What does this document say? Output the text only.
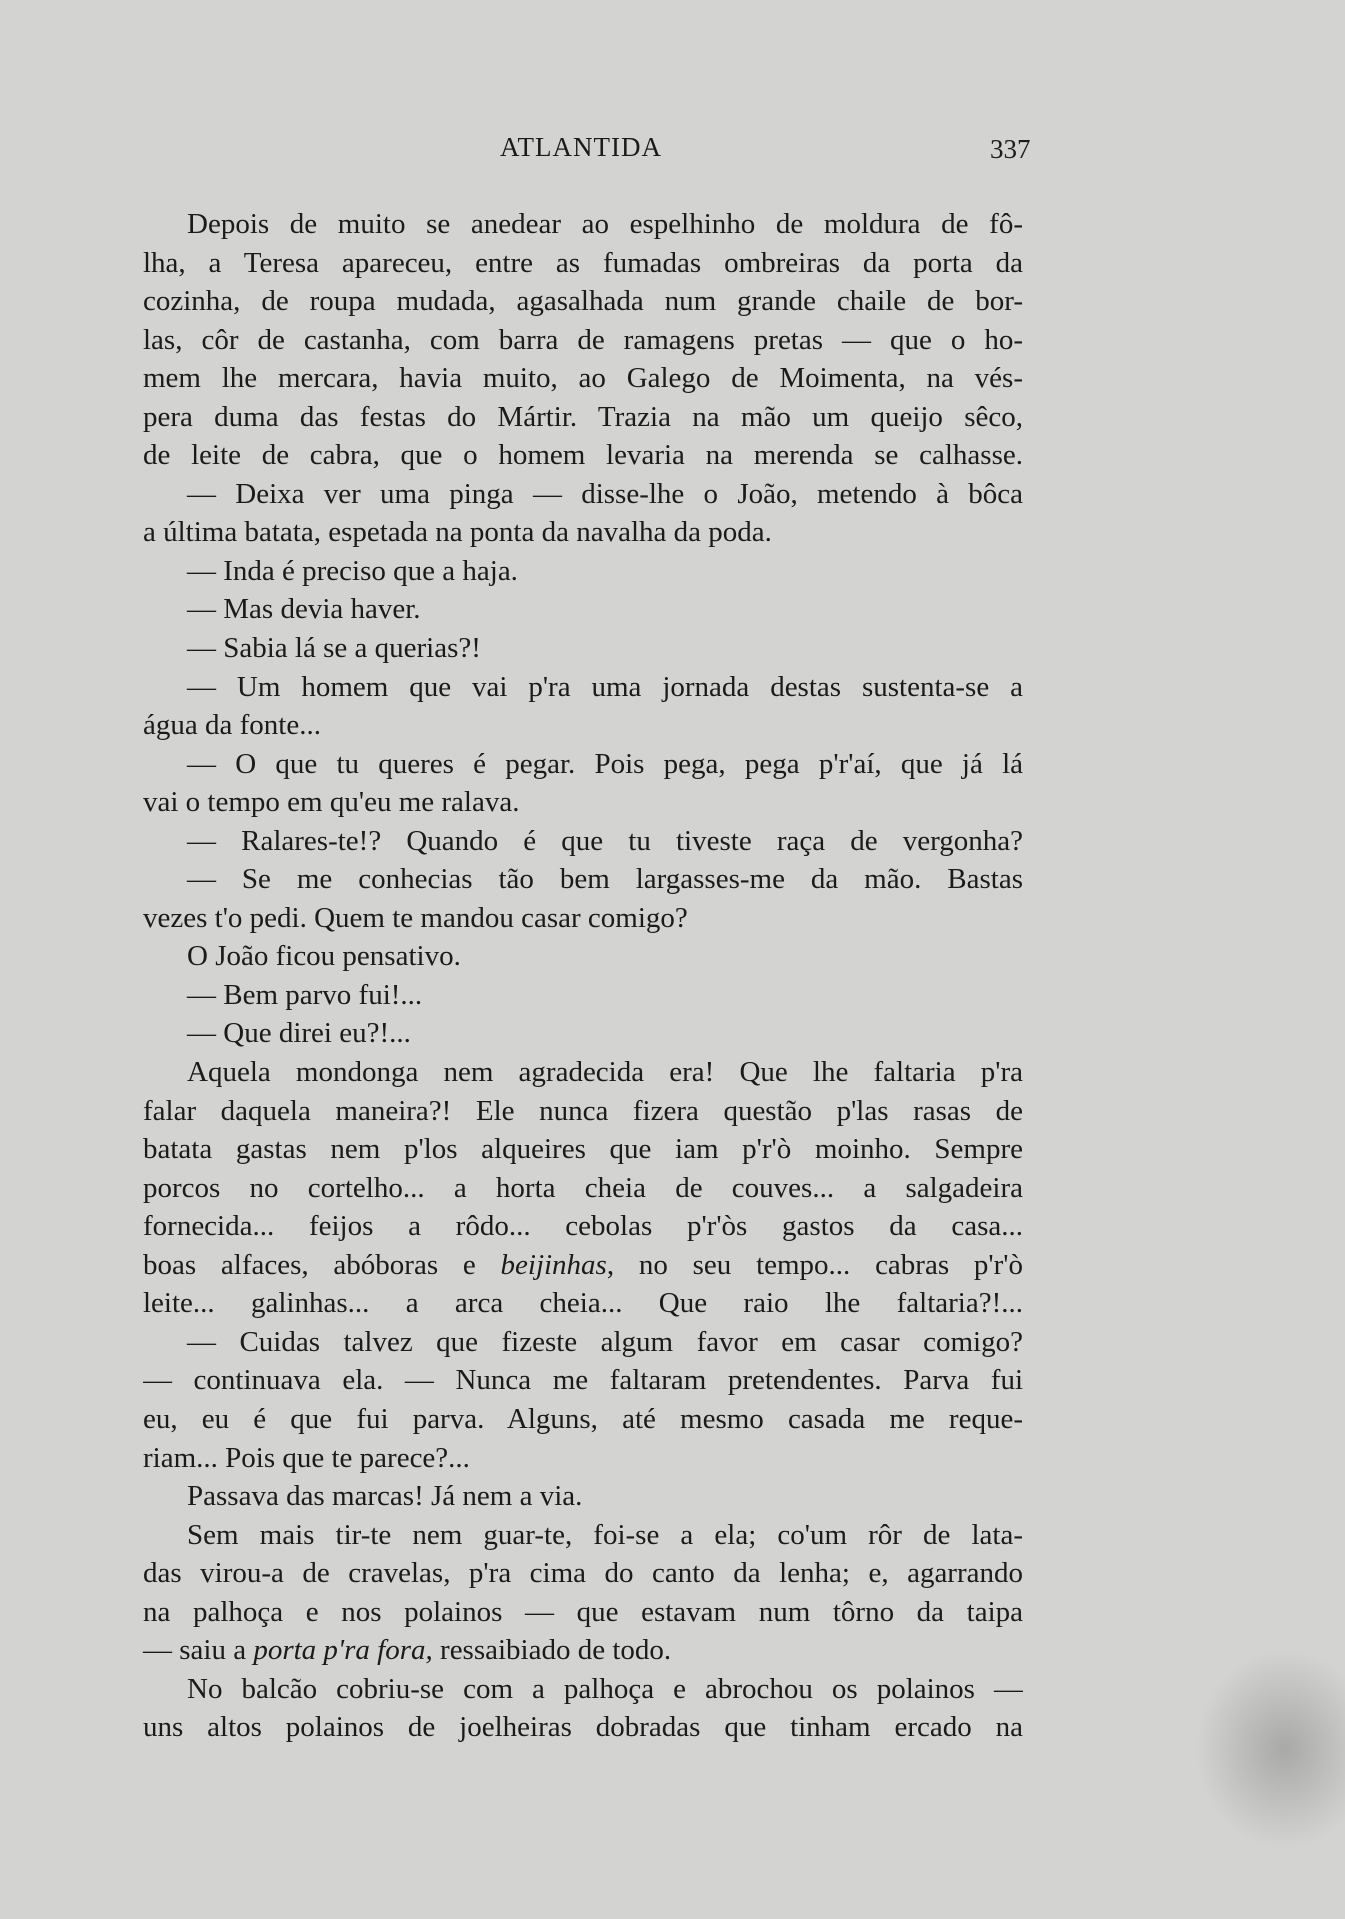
ATLANTIDA	337
Depois de muito se anedear ao espelhinho de moldura de fô-
lha, a Teresa apareceu, entre as fumadas ombreiras da porta da
cozinha, de roupa mudada, agasalhada num grande chaile de bor-
las, côr de castanha, com barra de ramagens pretas — que o ho-
mem lhe mercara, havia muito, ao Galego de Moimenta, na vés-
pera duma das festas do Mártir. Trazia na mão um queijo sêco,
de leite de cabra, que o homem levaria na merenda se calhasse.
— Deixa ver uma pinga — disse-lhe o João, metendo à bôca
a última batata, espetada na ponta da navalha da poda.
— Inda é preciso que a haja.
— Mas devia haver.
— Sabia lá se a querias?!
— Um homem que vai p'ra uma jornada destas sustenta-se a
água da fonte...
— O que tu queres é pegar. Pois pega, pega p'r'aí, que já lá
vai o tempo em qu'eu me ralava.
— Ralares-te!? Quando é que tu tiveste raça de vergonha?
— Se me conhecias tão bem largasses-me da mão. Bastas
vezes t'o pedi. Quem te mandou casar comigo?
O João ficou pensativo.
— Bem parvo fui!...
— Que direi eu?!...
Aquela mondonga nem agradecida era! Que lhe faltaria p'ra
falar daquela maneira?! Ele nunca fizera questão p'las rasas de
batata gastas nem p'los alqueires que iam p'r'ò moinho. Sempre
porcos no cortelho... a horta cheia de couves... a salgadeira
fornecida... feijos a rôdo... cebolas p'r'òs gastos da casa...
boas alfaces, abóboras e beijinhas, no seu tempo... cabras p'r'ò
leite... galinhas... a arca cheia... Que raio lhe faltaria?!...
— Cuidas talvez que fizeste algum favor em casar comigo?
— continuava ela. — Nunca me faltaram pretendentes. Parva fui
eu, eu é que fui parva. Alguns, até mesmo casada me reque-
riam... Pois que te parece?...
Passava das marcas! Já nem a via.
Sem mais tir-te nem guar-te, foi-se a ela; co'um rôr de lata-
das virou-a de cravelas, p'ra cima do canto da lenha; e, agarrando
na palhoça e nos polainos — que estavam num tôrno da taipa
— saiu a porta p'ra fora, ressaibiado de todo.
No balcão cobriu-se com a palhoça e abrochou os polainos —
uns altos polainos de joelheiras dobradas que tinham ercado na
